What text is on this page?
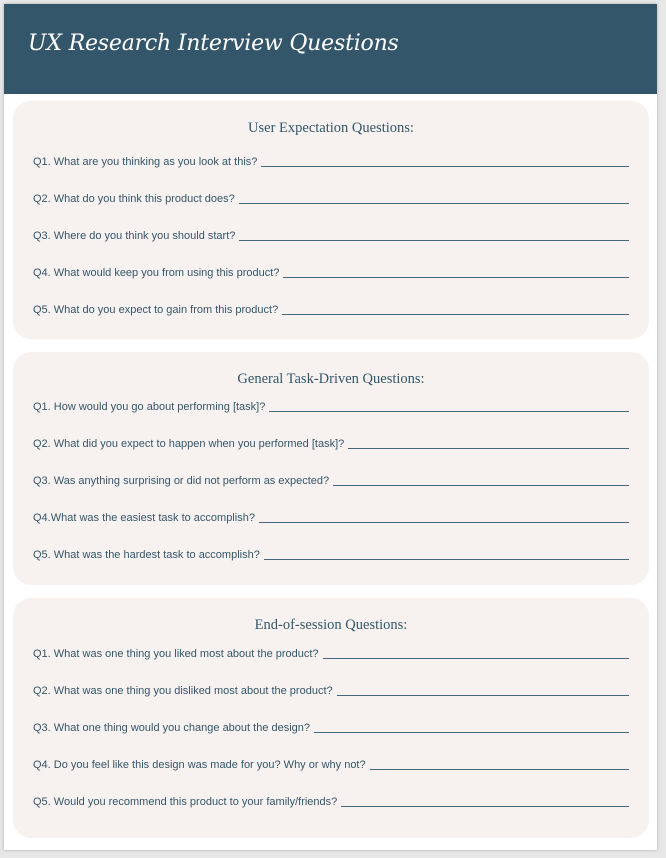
UX Research Interview Questions
User Expectation Questions:
Q1. What are you thinking as you look at this?
Q2. What do you think this product does?
Q3. Where do you think you should start?
Q4. What would keep you from using this product?
Q5. What do you expect to gain from this product?
General Task-Driven Questions:
Q1. How would you go about performing [task]?
Q2. What did you expect to happen when you performed [task]?
Q3. Was anything surprising or did not perform as expected?
Q4.What was the easiest task to accomplish?
Q5. What was the hardest task to accomplish?
End-of-session Questions:
Q1. What was one thing you liked most about the product?
Q2. What was one thing you disliked most about the product?
Q3. What one thing would you change about the design?
Q4. Do you feel like this design was made for you? Why or why not?
Q5. Would you recommend this product to your family/friends?
